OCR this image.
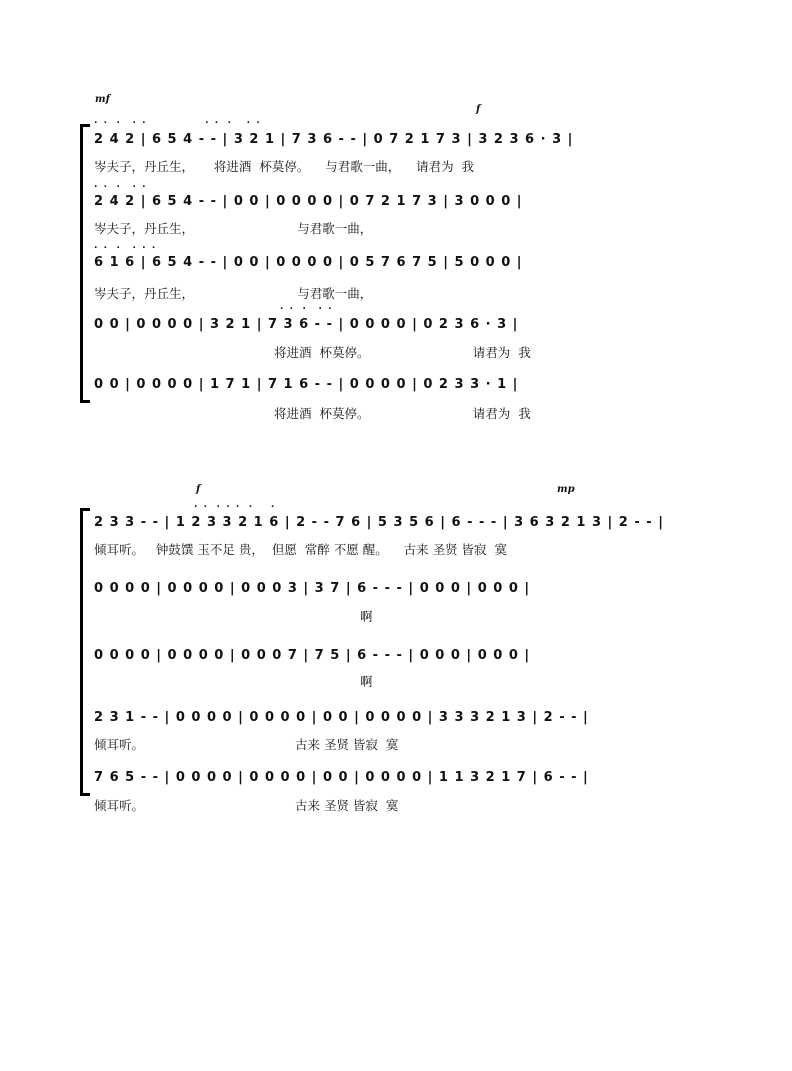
mf
f
.  .   .    .  .                   .  .   .     .  .
2 4 2 | 6 5 4 - - | 3 2 1 | 7 3 6 - - | 0 7 2 1 7 3 | 3 2 3 6 · 3 |
岑夫子，丹丘生，     将进酒  杯莫停。    与君歌一曲，    请君为  我
.  .   .    .  .
2 4 2 | 6 5 4 - - | 0 0 | 0 0 0 0 | 0 7 2 1 7 3 | 3 0 0 0 |
岑夫子，丹丘生，                          与君歌一曲，
.  .   .    .  .  .
6 1 6 | 6 5 4 - - | 0 0 | 0 0 0 0 | 0 5 7 6 7 5 | 5 0 0 0 |
岑夫子，丹丘生，                          与君歌一曲，
.  .   .    .  .
0 0 | 0 0 0 0 | 3 2 1 | 7 3 6 - - | 0 0 0 0 | 0 2 3 6 · 3 |
将进酒  杯莫停。                          请君为  我
0 0 | 0 0 0 0 | 1 7 1 | 7 1 6 - - | 0 0 0 0 | 0 2 3 3 · 1 |
将进酒  杯莫停。                          请君为  我
f	mp
.  .   .  .  .   .      .
2 3 3 - - | 1 2 3 3 2 1 6 | 2 - - 7 6 | 5 3 5 6 | 6 - - - | 3 6 3 2 1 3 | 2 - - |
倾耳听。   钟鼓馔 玉不足 贵，  但愿  常醉 不愿 醒。    古来 圣贤 皆寂  寞
0 0 0 0 | 0 0 0 0 | 0 0 0 3 | 3 7 | 6 - - - | 0 0 0 | 0 0 0 |
啊
0 0 0 0 | 0 0 0 0 | 0 0 0 7 | 7 5 | 6 - - - | 0 0 0 | 0 0 0 |
啊
2 3 1 - - | 0 0 0 0 | 0 0 0 0 | 0 0 | 0 0 0 0 | 3 3 3 2 1 3 | 2 - - |
倾耳听。                                      古来 圣贤 皆寂  寞
7 6 5 - - | 0 0 0 0 | 0 0 0 0 | 0 0 | 0 0 0 0 | 1 1 3 2 1 7 | 6 - - |
倾耳听。                                      古来 圣贤 皆寂  寞
